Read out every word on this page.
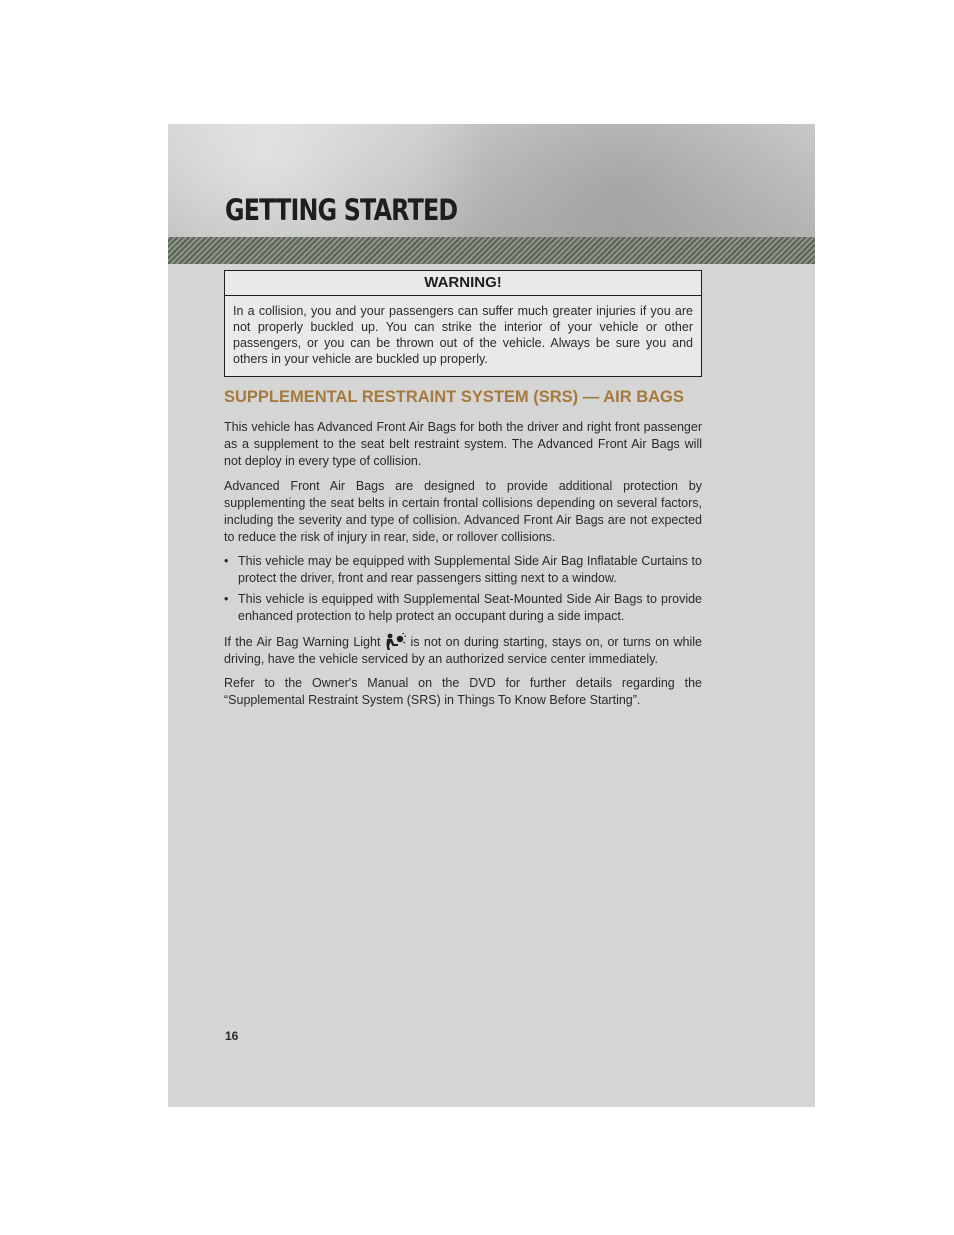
GETTING STARTED
WARNING!
In a collision, you and your passengers can suffer much greater injuries if you are not properly buckled up. You can strike the interior of your vehicle or other passengers, or you can be thrown out of the vehicle. Always be sure you and others in your vehicle are buckled up properly.
SUPPLEMENTAL RESTRAINT SYSTEM (SRS) — AIR BAGS

This vehicle has Advanced Front Air Bags for both the driver and right front passenger as a supplement to the seat belt restraint system. The Advanced Front Air Bags will not deploy in every type of collision.

Advanced Front Air Bags are designed to provide additional protection by supplementing the seat belts in certain frontal collisions depending on several factors, including the severity and type of collision. Advanced Front Air Bags are not expected to reduce the risk of injury in rear, side, or rollover collisions.

• This vehicle may be equipped with Supplemental Side Air Bag Inflatable Curtains to protect the driver, front and rear passengers sitting next to a window.
• This vehicle is equipped with Supplemental Seat-Mounted Side Air Bags to provide enhanced protection to help protect an occupant during a side impact.

If the Air Bag Warning Light is not on during starting, stays on, or turns on while driving, have the vehicle serviced by an authorized service center immediately.

Refer to the Owner's Manual on the DVD for further details regarding the “Supplemental Restraint System (SRS) in Things To Know Before Starting”.

16
